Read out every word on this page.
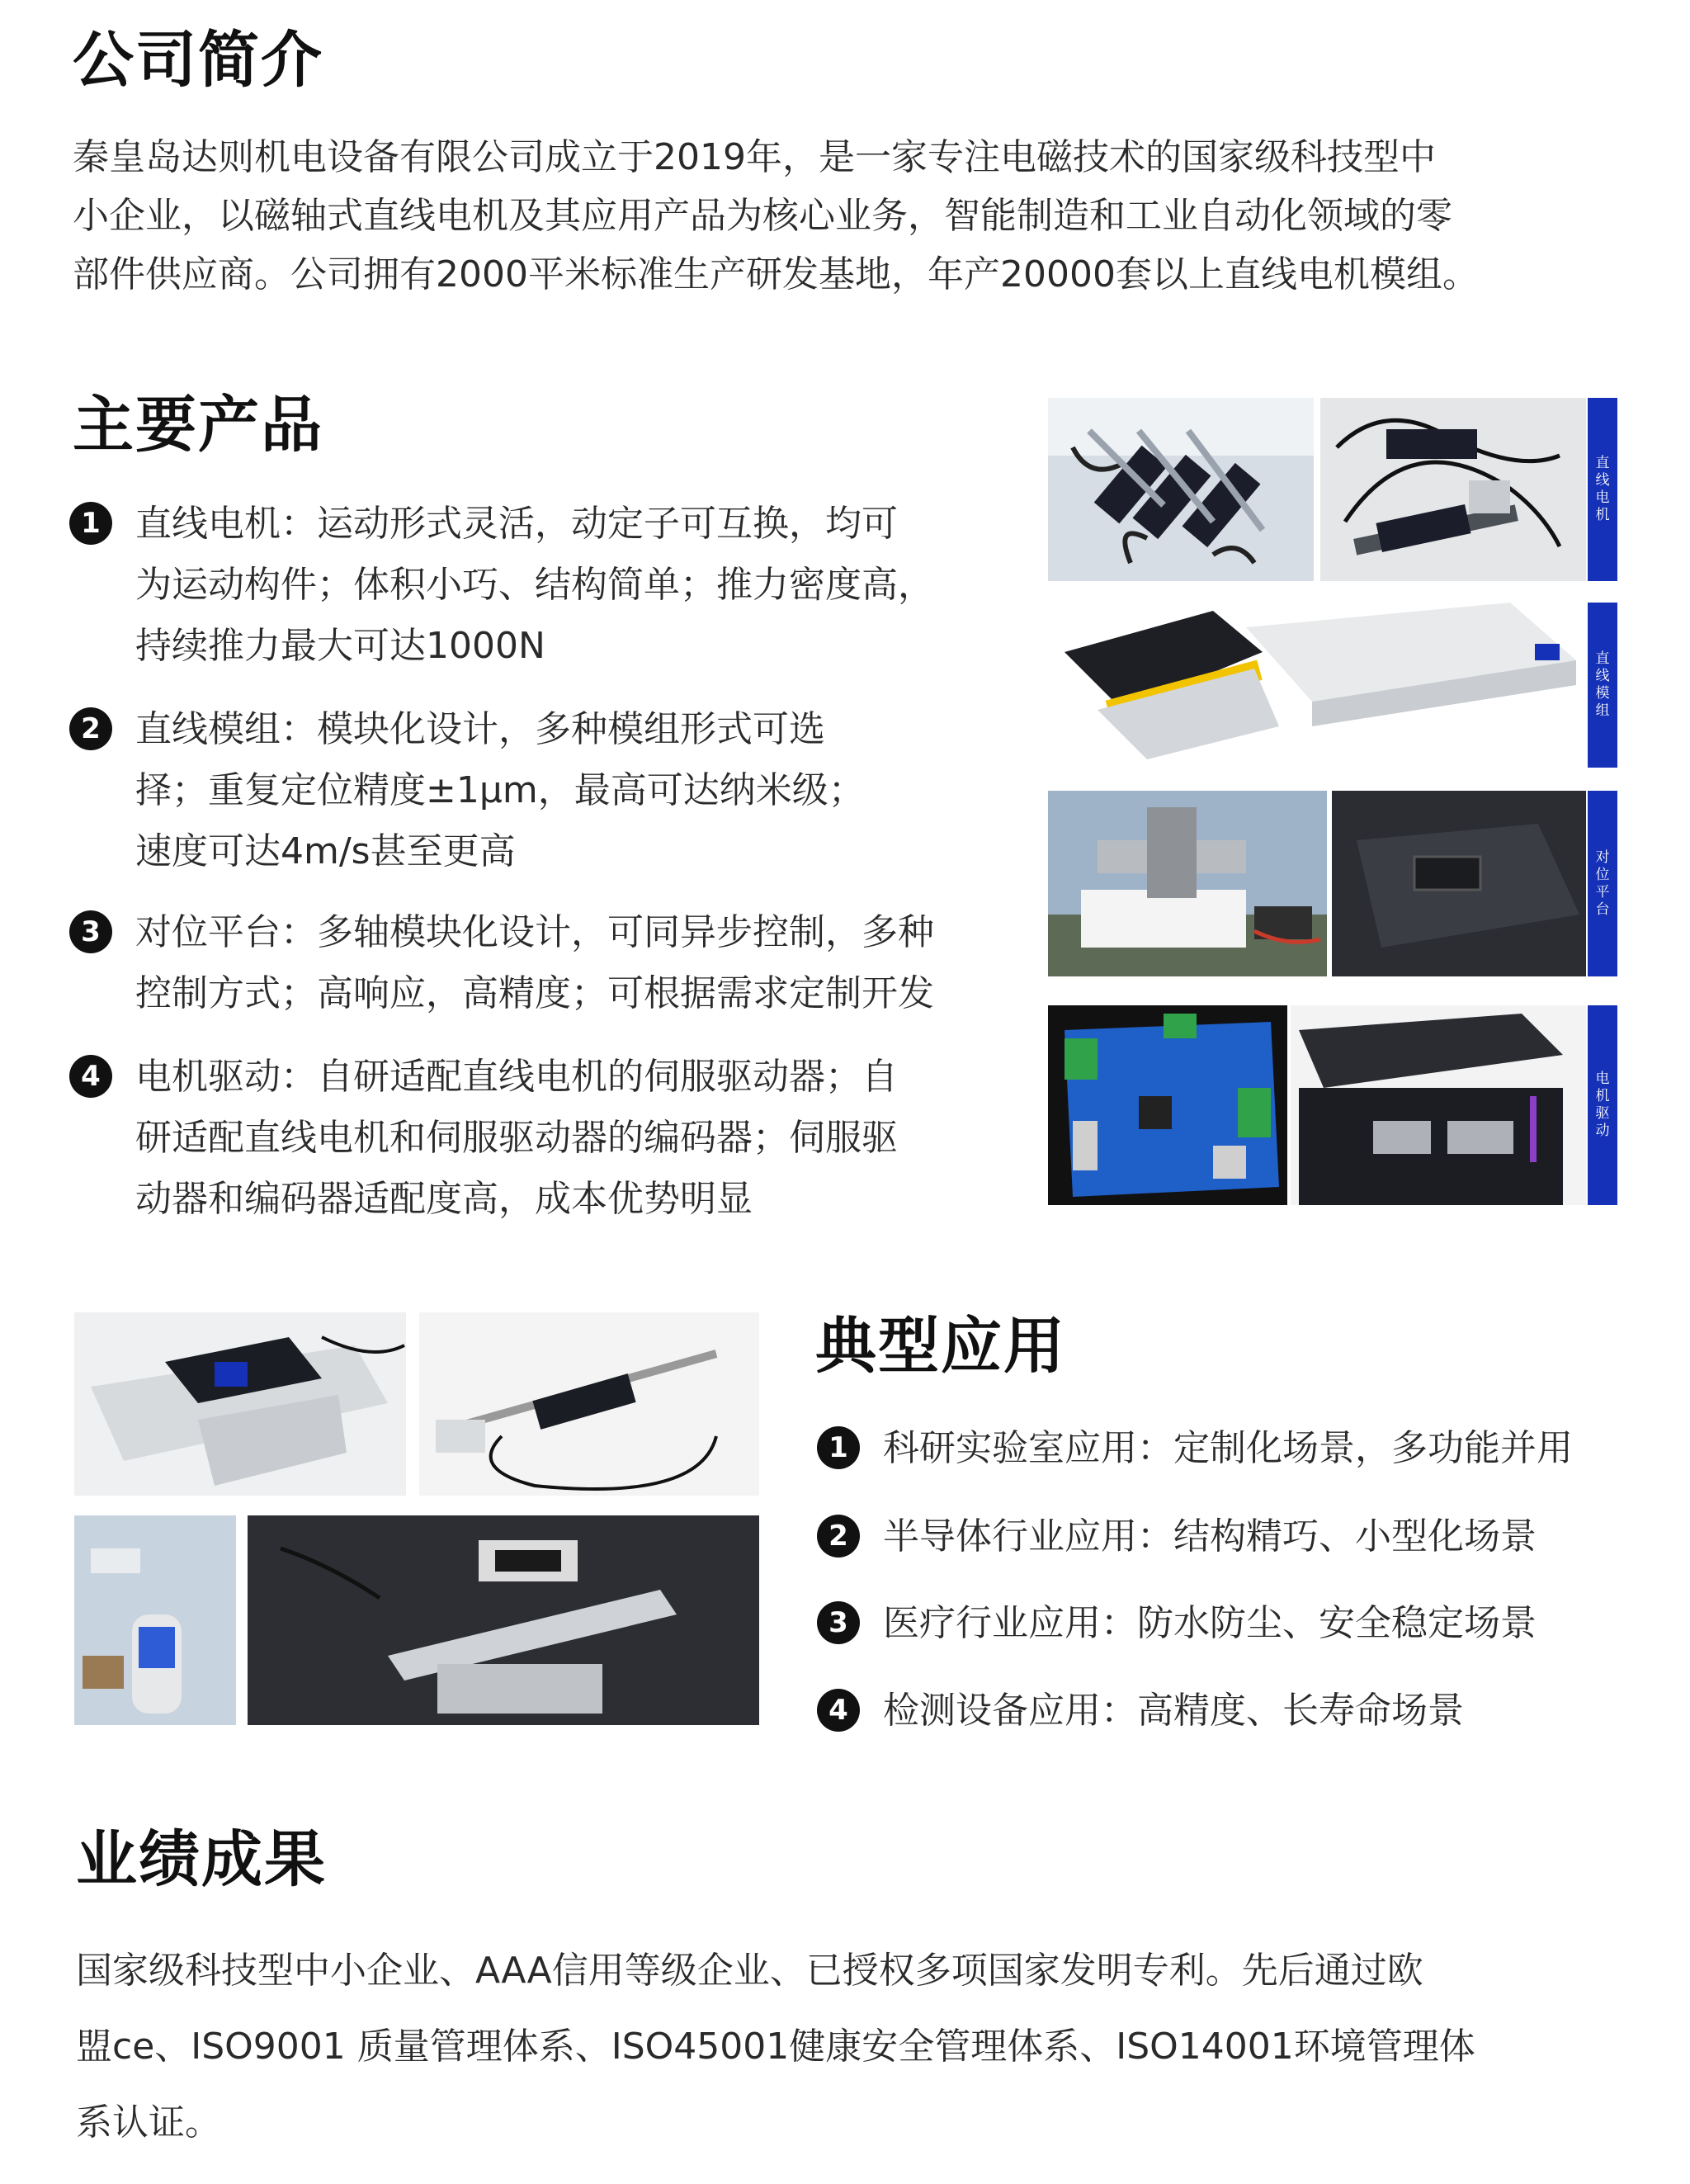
公司简介
秦皇岛达则机电设备有限公司成立于2019年，是一家专注电磁技术的国家级科技型中
小企业，以磁轴式直线电机及其应用产品为核心业务，智能制造和工业自动化领域的零
部件供应商。公司拥有2000平米标准生产研发基地，年产20000套以上直线电机模组。
主要产品
1 直线电机：运动形式灵活，动定子可互换，均可
为运动构件；体积小巧、结构简单；推力密度高，
持续推力最大可达1000N
2 直线模组：模块化设计，多种模组形式可选
择；重复定位精度±1μm，最高可达纳米级；
速度可达4m/s甚至更高
3 对位平台：多轴模块化设计，可同异步控制，多种
控制方式；高响应，高精度；可根据需求定制开发
4 电机驱动：自研适配直线电机的伺服驱动器；自
研适配直线电机和伺服驱动器的编码器；伺服驱
动器和编码器适配度高，成本优势明显
直线电机
直线模组
对位平台
电机驱动
典型应用
1 科研实验室应用：定制化场景，多功能并用
2 半导体行业应用：结构精巧、小型化场景
3 医疗行业应用：防水防尘、安全稳定场景
4 检测设备应用：高精度、长寿命场景
业绩成果
国家级科技型中小企业、AAA信用等级企业、已授权多项国家发明专利。先后通过欧
盟ce、ISO9001 质量管理体系、ISO45001健康安全管理体系、ISO14001环境管理体
系认证。
